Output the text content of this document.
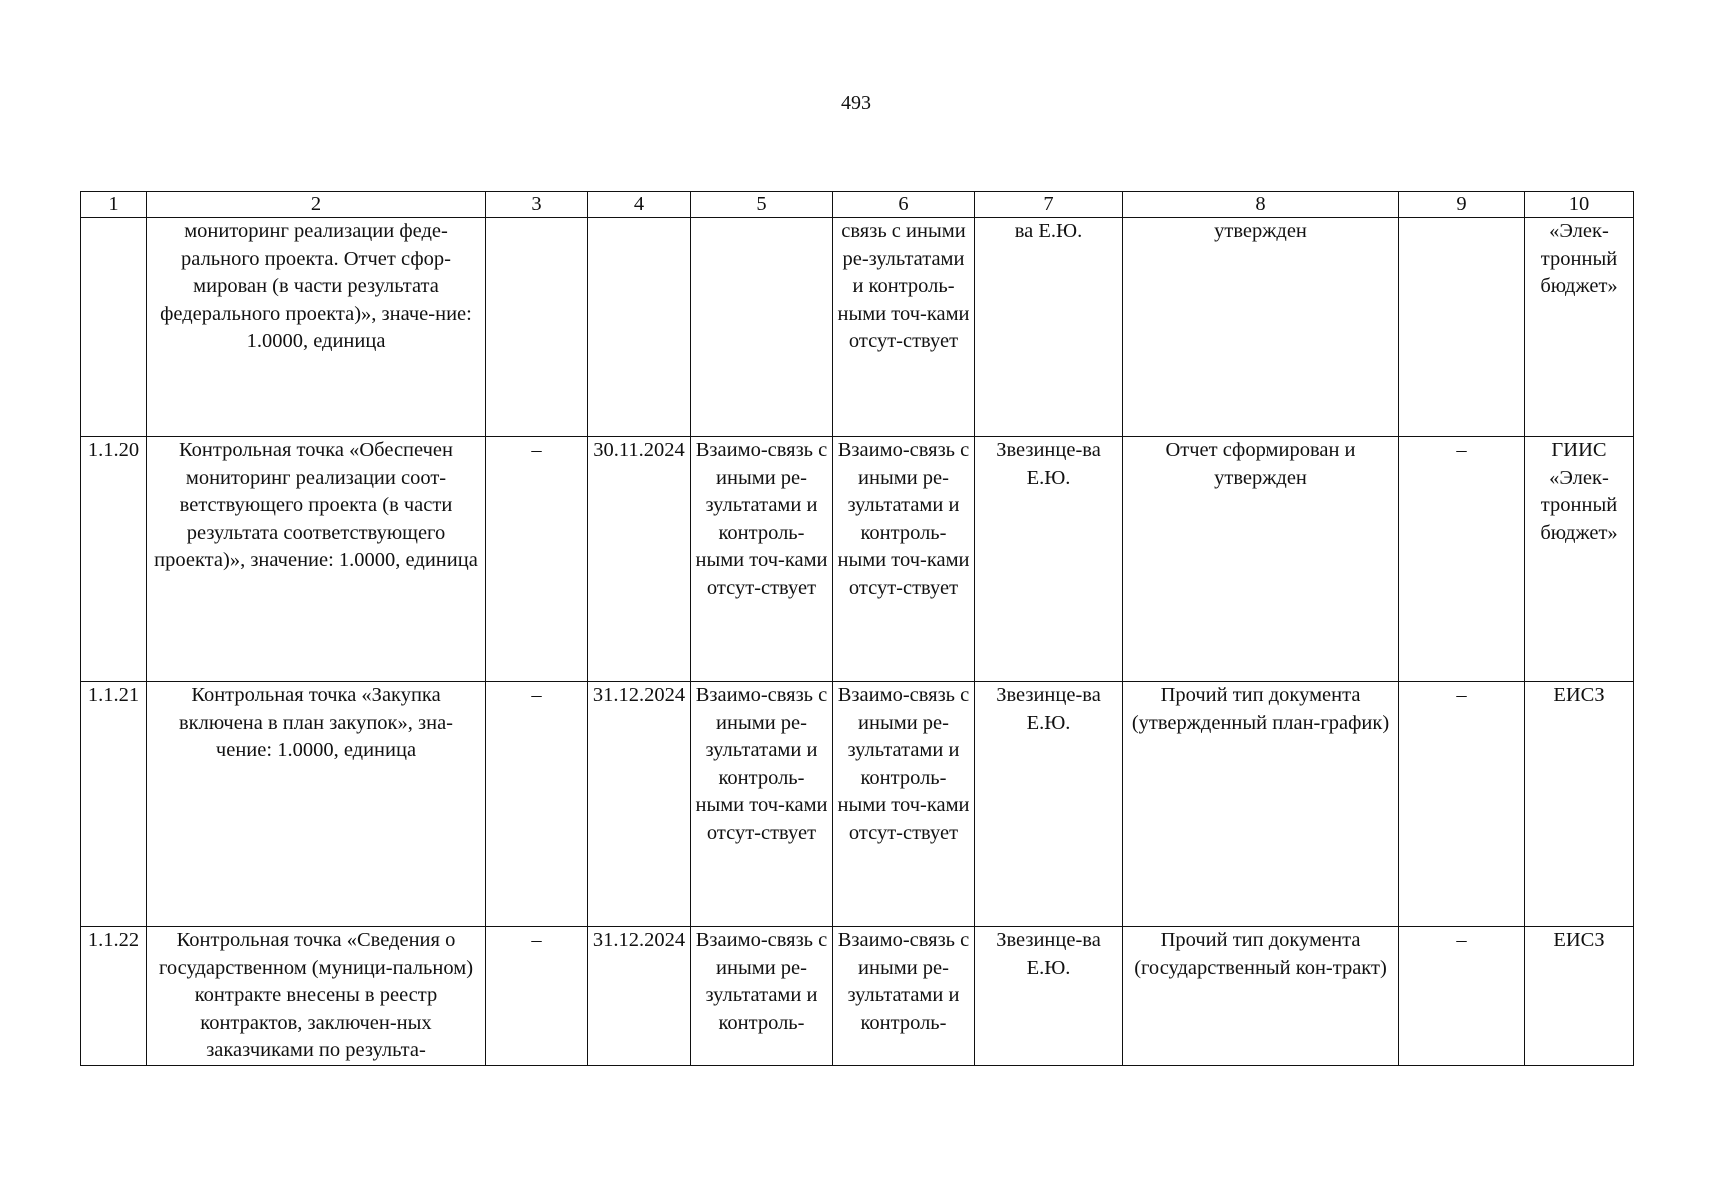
493
1	2	3	4	5	6	7	8	9	10
	мониторинг реализации феде-ральнoго проекта. Отчет сфор-мирован (в части результата федерального проекта)», значе-ние: 1.0000, единица				связь с иными ре-зультатами и контроль-ными точ-ками отсут-ствует	ва Е.Ю.	утвержден		«Элек-тронный бюджет»
1.1.20	Контрольная точка «Обеспечен мониторинг реализации соот-ветствующего проекта (в части результата соответствующего проекта)», значение: 1.0000, единица	–	30.11.2024	Взаимо-связь с иными ре-зультатами и контроль-ными точ-ками отсут-ствует	Взаимо-связь с иными ре-зультатами и контроль-ными точ-ками отсут-ствует	Звезинце-ва Е.Ю.	Отчет сформирован и утвержден	–	ГИИС «Элек-тронный бюджет»
1.1.21	Контрольная точка «Закупка включена в план закупок», зна-чение: 1.0000, единица	–	31.12.2024	Взаимо-связь с иными ре-зультатами и контроль-ными точ-ками отсут-ствует	Взаимо-связь с иными ре-зультатами и контроль-ными точ-ками отсут-ствует	Звезинце-ва Е.Ю.	Прочий тип документа (утвержденный план-график)	–	ЕИСЗ
1.1.22	Контрольная точка «Сведения о государственном (муници-пальном) контракте внесены в реестр контрактов, заключен-ных заказчиками по результа-	–	31.12.2024	Взаимо-связь с иными ре-зультатами и контроль-	Взаимо-связь с иными ре-зультатами и контроль-	Звезинце-ва Е.Ю.	Прочий тип документа (государственный кон-тракт)	–	ЕИСЗ
